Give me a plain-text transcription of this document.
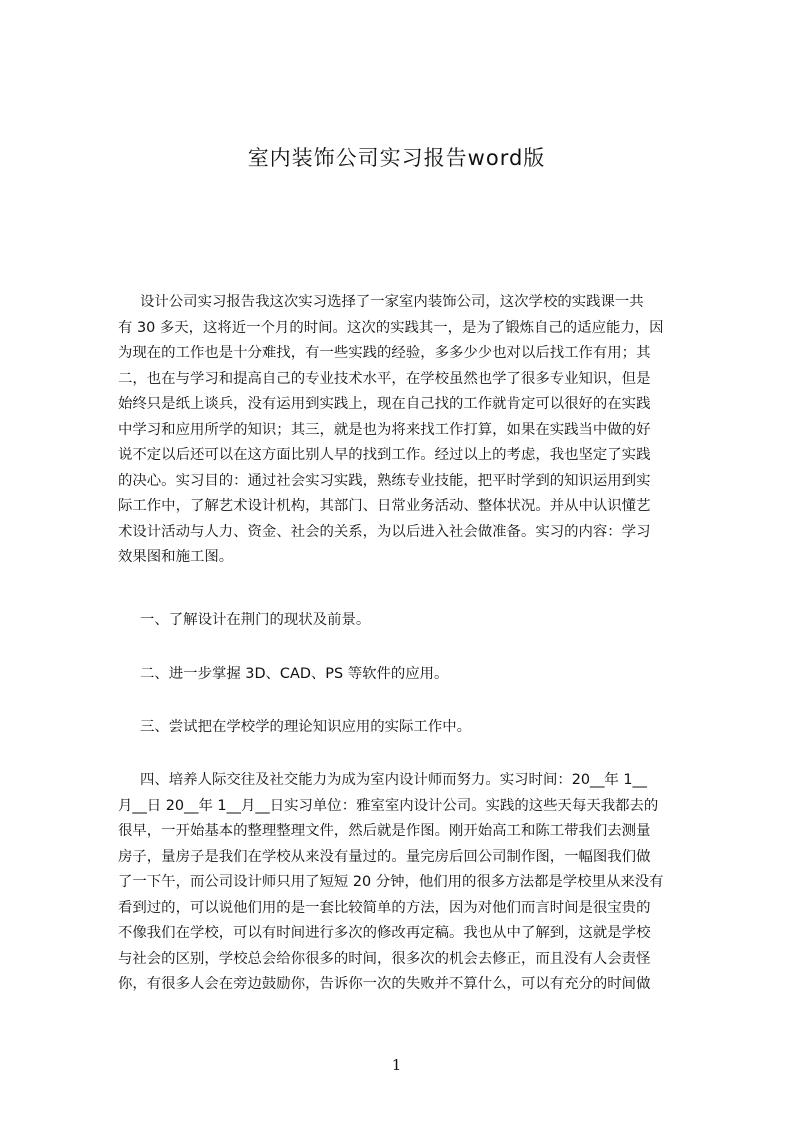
室内装饰公司实习报告word版
设计公司实习报告我这次实习选择了一家室内装饰公司，这次学校的实践课一共
有 30 多天，这将近一个月的时间。这次的实践其一，是为了锻炼自己的适应能力，因
为现在的工作也是十分难找，有一些实践的经验，多多少少也对以后找工作有用；其
二，也在与学习和提高自己的专业技术水平，在学校虽然也学了很多专业知识，但是
始终只是纸上谈兵，没有运用到实践上，现在自己找的工作就肯定可以很好的在实践
中学习和应用所学的知识；其三，就是也为将来找工作打算，如果在实践当中做的好
说不定以后还可以在这方面比别人早的找到工作。经过以上的考虑，我也坚定了实践
的决心。实习目的：通过社会实习实践，熟练专业技能，把平时学到的知识运用到实
际工作中，了解艺术设计机构，其部门、日常业务活动、整体状况。并从中认识懂艺
术设计活动与人力、资金、社会的关系，为以后进入社会做准备。实习的内容：学习
效果图和施工图。
一、了解设计在荆门的现状及前景。
二、进一步掌握 3D、CAD、PS 等软件的应用。
三、尝试把在学校学的理论知识应用的实际工作中。
四、培养人际交往及社交能力为成为室内设计师而努力。实习时间：20__年 1__
月__日 20__年 1__月__日实习单位：雅室室内设计公司。实践的这些天每天我都去的
很早，一开始基本的整理整理文件，然后就是作图。刚开始高工和陈工带我们去测量
房子，量房子是我们在学校从来没有量过的。量完房后回公司制作图，一幅图我们做
了一下午，而公司设计师只用了短短 20 分钟，他们用的很多方法都是学校里从来没有
看到过的，可以说他们用的是一套比较简单的方法，因为对他们而言时间是很宝贵的
不像我们在学校，可以有时间进行多次的修改再定稿。我也从中了解到，这就是学校
与社会的区别，学校总会给你很多的时间，很多次的机会去修正，而且没有人会责怪
你，有很多人会在旁边鼓励你，告诉你一次的失败并不算什么，可以有充分的时间做
1
